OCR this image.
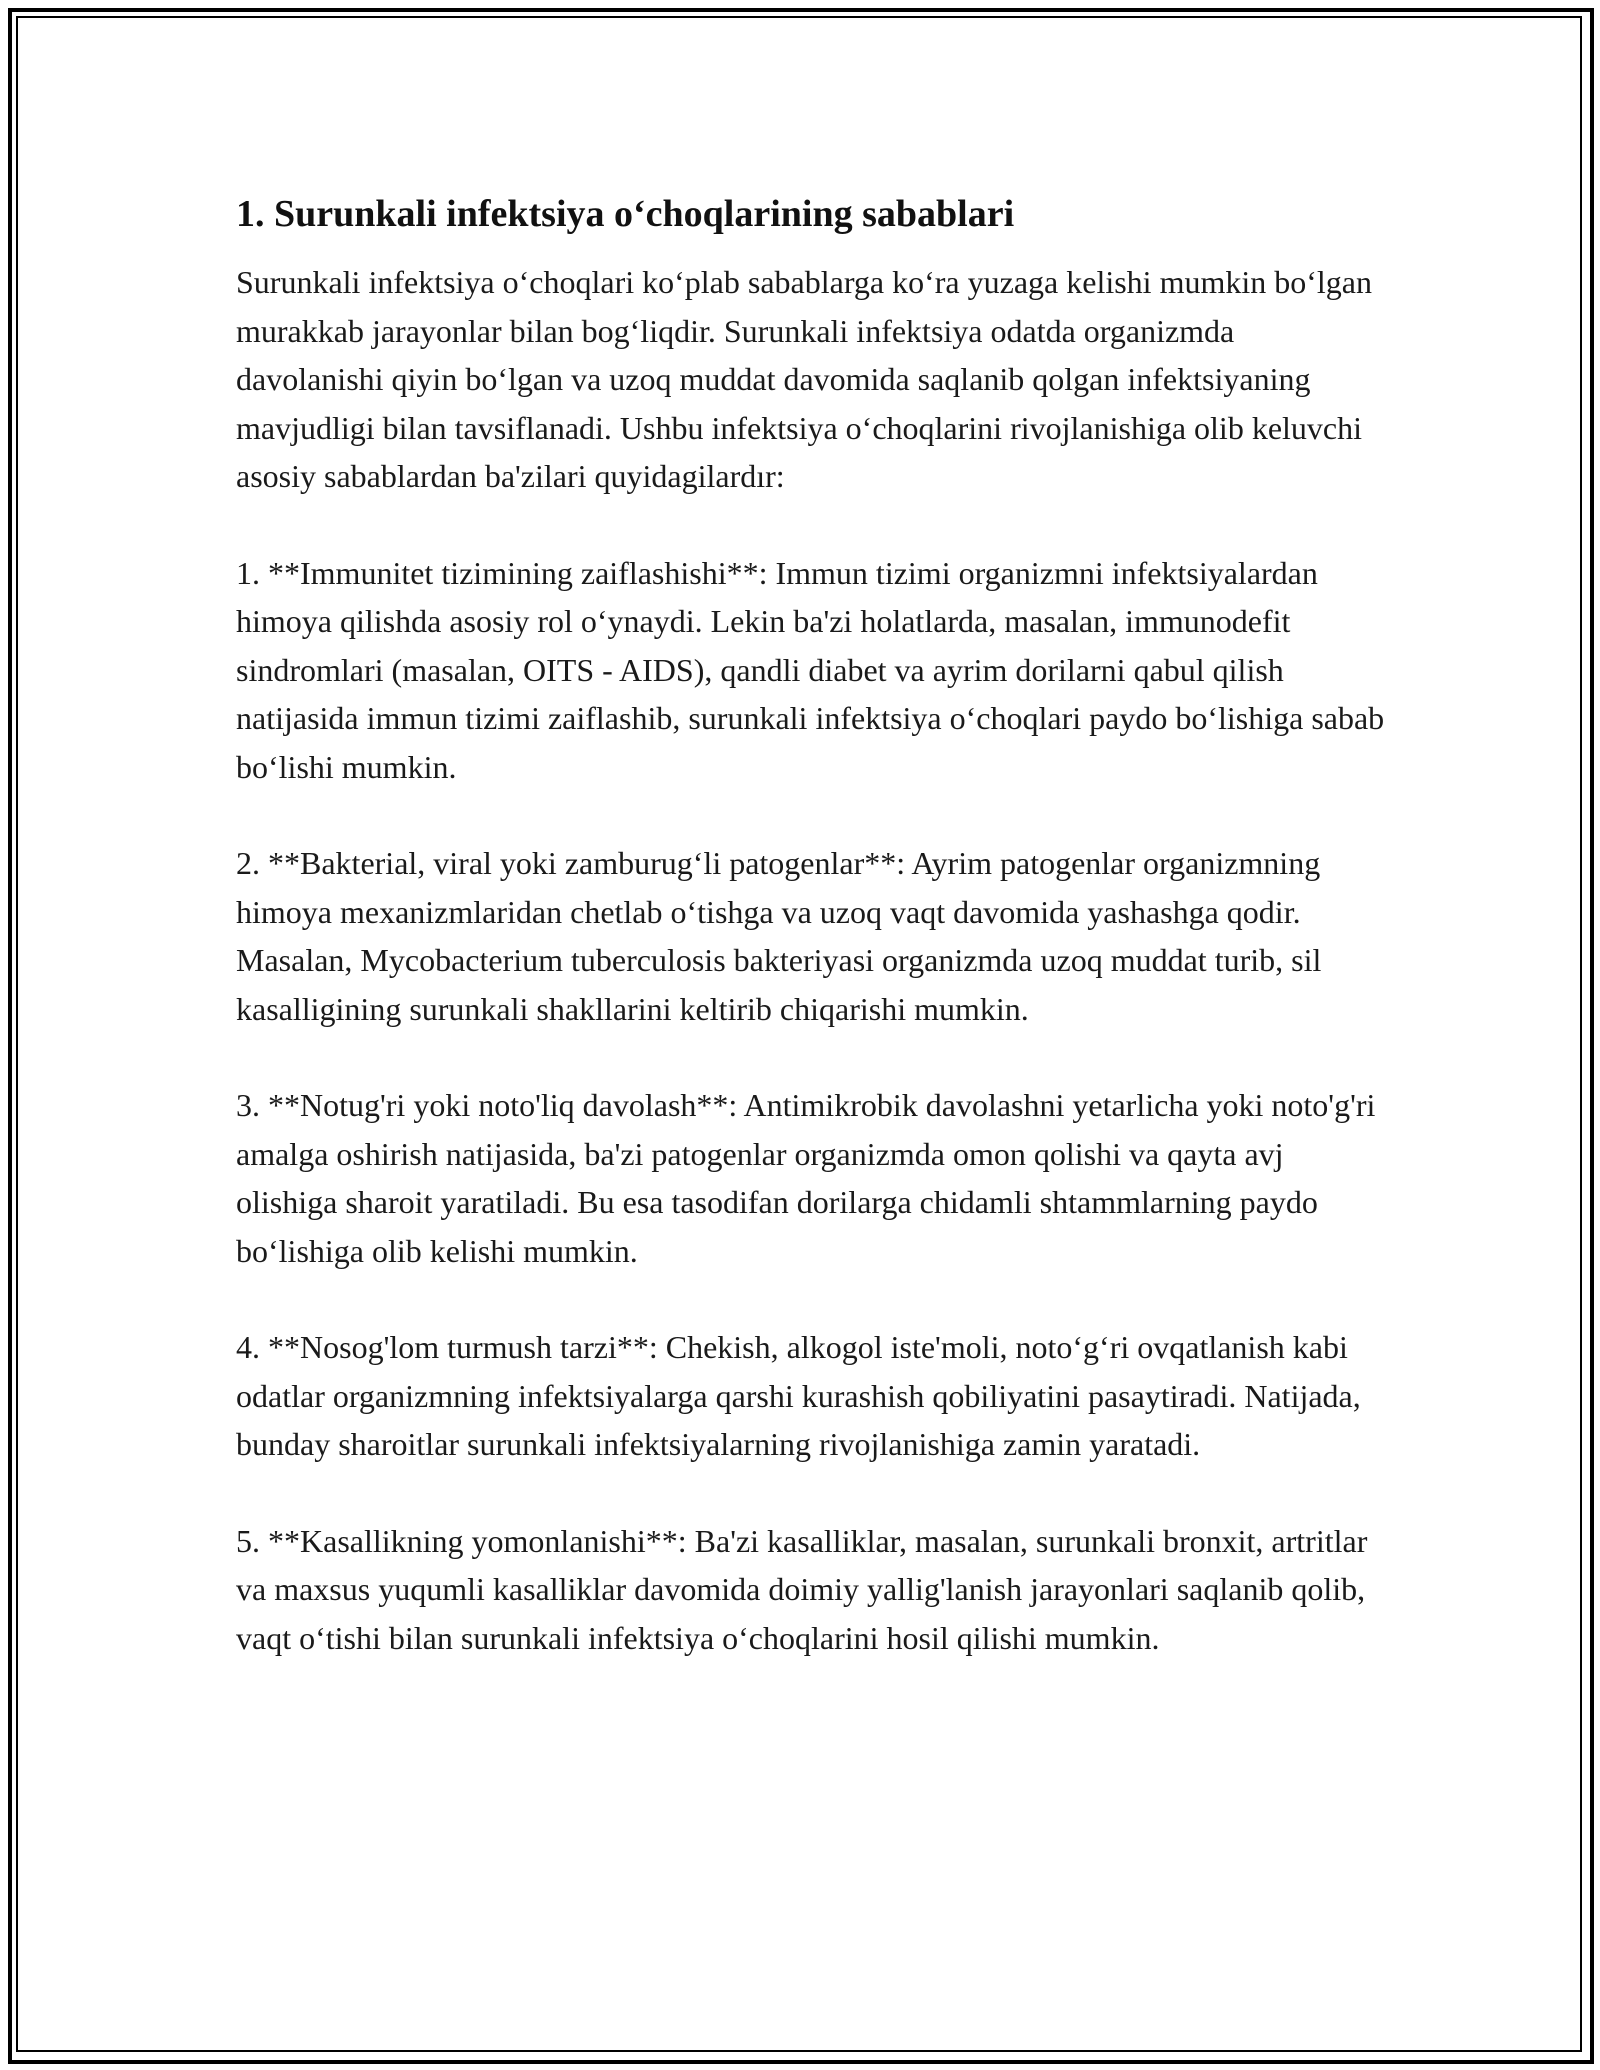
1. Surunkali infektsiya o‘choqlarining sabablari

Surunkali infektsiya o‘choqlari ko‘plab sabablarga ko‘ra yuzaga kelishi mumkin bo‘lgan murakkab jarayonlar bilan bog‘liqdir. Surunkali infektsiya odatda organizmda davolanishi qiyin bo‘lgan va uzoq muddat davomida saqlanib qolgan infektsiyaning mavjudligi bilan tavsiflanadi. Ushbu infektsiya o‘choqlarini rivojlanishiga olib keluvchi asosiy sabablardan ba'zilari quyidagilardır:

1. **Immunitet tizimining zaiflashishi**: Immun tizimi organizmni infektsiyalardan himoya qilishda asosiy rol o‘ynaydi. Lekin ba'zi holatlarda, masalan, immunodefit sindromlari (masalan, OITS - AIDS), qandli diabet va ayrim dorilarni qabul qilish natijasida immun tizimi zaiflashib, surunkali infektsiya o‘choqlari paydo bo‘lishiga sabab bo‘lishi mumkin.

2. **Bakterial, viral yoki zamburug‘li patogenlar**: Ayrim patogenlar organizmning himoya mexanizmlaridan chetlab o‘tishga va uzoq vaqt davomida yashashga qodir. Masalan, Mycobacterium tuberculosis bakteriyasi organizmda uzoq muddat turib, sil kasalligining surunkali shakllarini keltirib chiqarishi mumkin.

3. **Notug'ri yoki noto'liq davolash**: Antimikrobik davolashni yetarlicha yoki noto'g'ri amalga oshirish natijasida, ba'zi patogenlar organizmda omon qolishi va qayta avj olishiga sharoit yaratiladi. Bu esa tasodifan dorilarga chidamli shtammlarning paydo bo‘lishiga olib kelishi mumkin.

4. **Nosog'lom turmush tarzi**: Chekish, alkogol iste'moli, noto‘g‘ri ovqatlanish kabi odatlar organizmning infektsiyalarga qarshi kurashish qobiliyatini pasaytiradi. Natijada, bunday sharoitlar surunkali infektsiyalarning rivojlanishiga zamin yaratadi.

5. **Kasallikning yomonlanishi**: Ba'zi kasalliklar, masalan, surunkali bronxit, artritlar va maxsus yuqumli kasalliklar davomida doimiy yallig'lanish jarayonlari saqlanib qolib, vaqt o‘tishi bilan surunkali infektsiya o‘choqlarini hosil qilishi mumkin.
